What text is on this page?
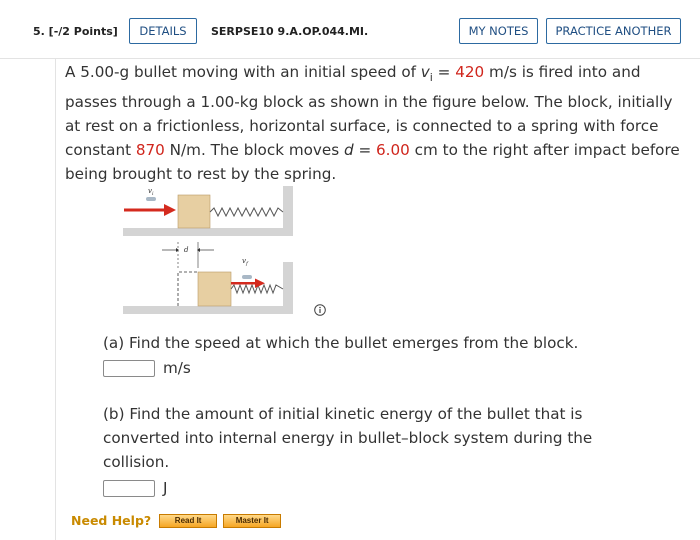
5. [-/2 Points]	DETAILS	SERPSE10 9.A.OP.044.MI.	MY NOTES	PRACTICE ANOTHER
A 5.00-g bullet moving with an initial speed of $v_i = 420$ m/s is fired into and passes through a 1.00-kg block as shown in the figure below. The block, initially at rest on a frictionless, horizontal surface, is connected to a spring with force constant 870 N/m. The block moves d = 6.00 cm to the right after impact before being brought to rest by the spring.
$v_i$
$v_f$
d
(a) Find the speed at which the bullet emerges from the block.
m/s
(b) Find the amount of initial kinetic energy of the bullet that is converted into internal energy in bullet–block system during the collision.
J
Need Help?	Read It	Master It
